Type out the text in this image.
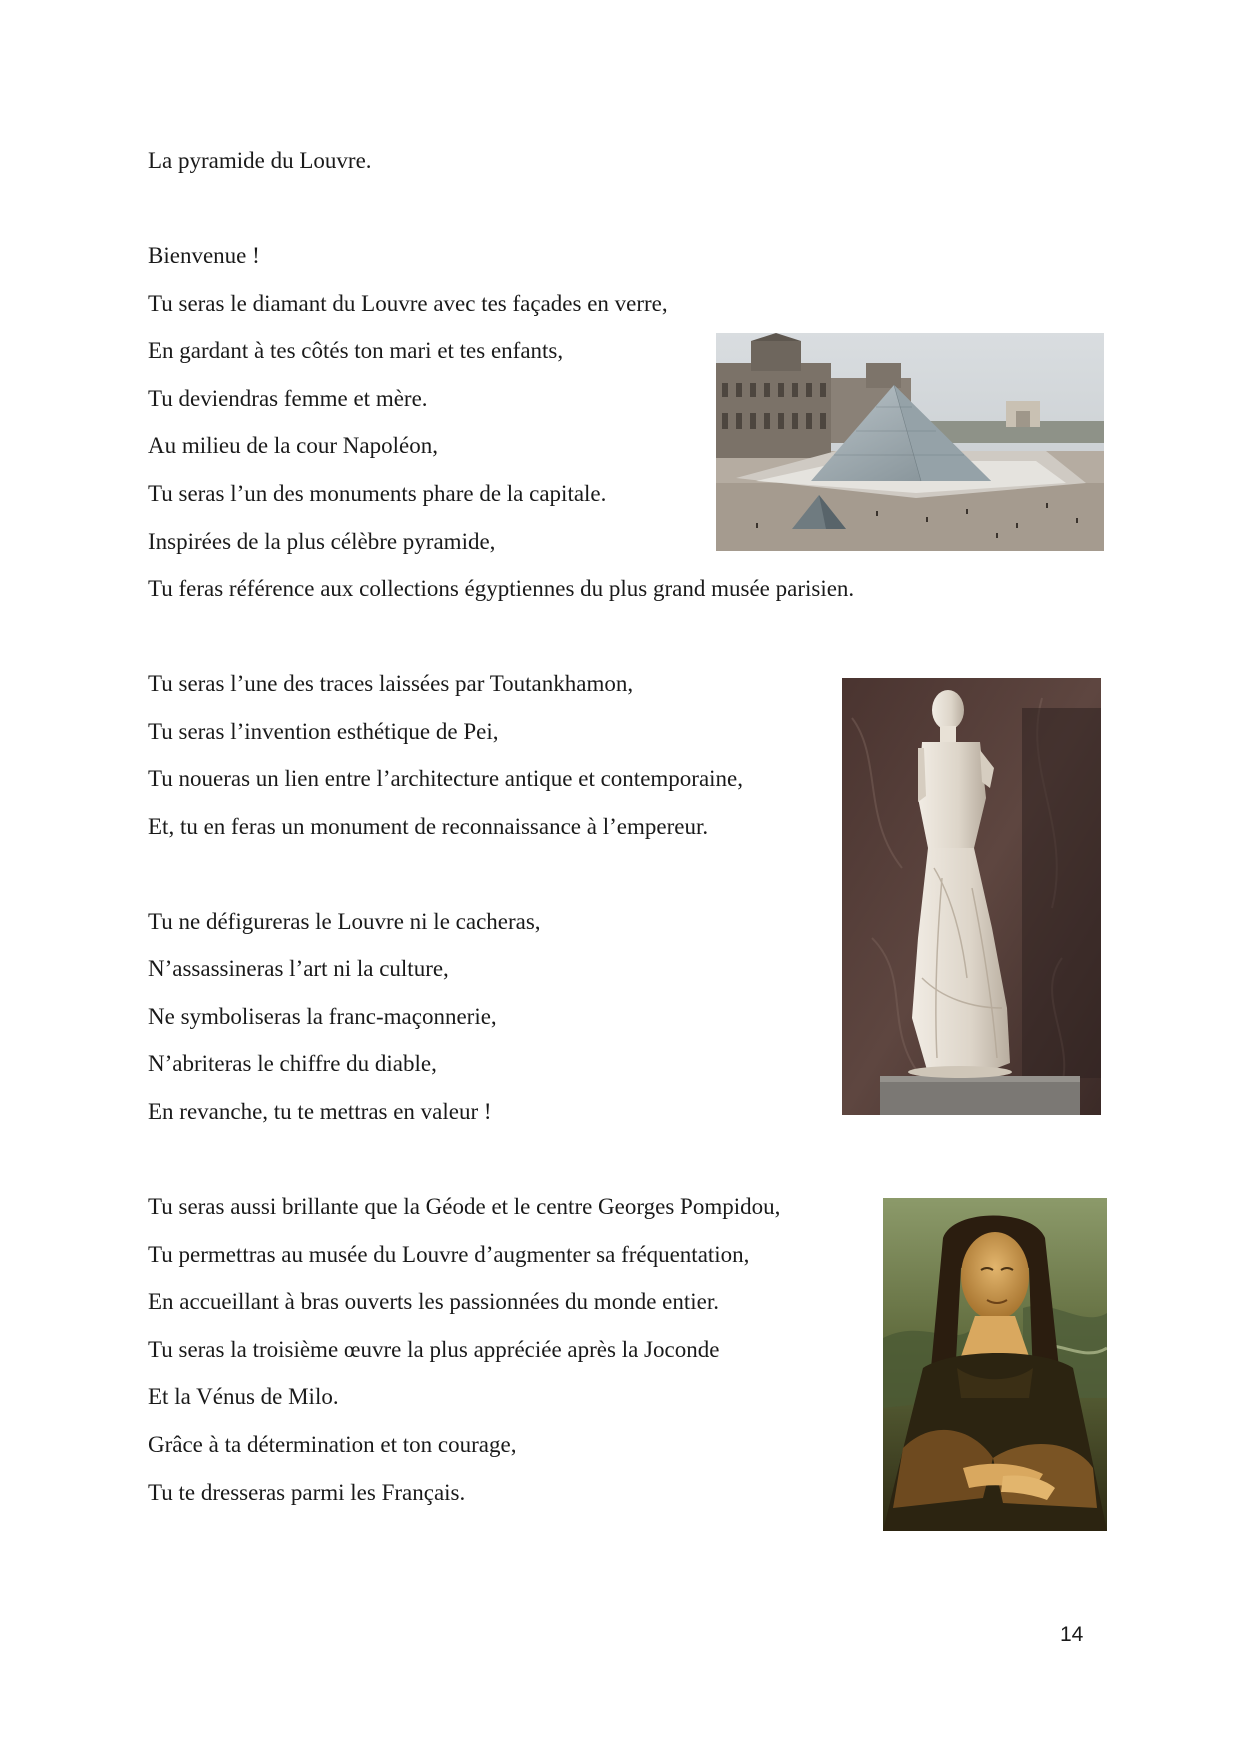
La pyramide du Louvre.
Bienvenue !
Tu seras le diamant du Louvre avec tes façades en verre,
En gardant à tes côtés ton mari et tes enfants,
Tu deviendras femme et mère.
Au milieu de la cour Napoléon,
Tu seras l’un des monuments phare de la capitale.
Inspirées de la plus célèbre pyramide,
Tu feras référence aux collections égyptiennes du plus grand musée parisien.
Tu seras l’une des traces laissées par Toutankhamon,
Tu seras l’invention esthétique de Pei,
Tu noueras un lien entre l’architecture antique et contemporaine,
Et, tu en feras un monument de reconnaissance à l’empereur.
Tu ne défigureras le Louvre ni le cacheras,
N’assassineras l’art ni la culture,
Ne symboliseras la franc-maçonnerie,
N’abriteras le chiffre du diable,
En revanche, tu te mettras en valeur !
Tu seras aussi brillante que la Géode et le centre Georges Pompidou,
Tu permettras au musée du Louvre d’augmenter sa fréquentation,
En accueillant à bras ouverts les passionnées du monde entier.
Tu seras la troisième œuvre la plus appréciée après la Joconde
Et la Vénus de Milo.
Grâce à ta détermination et ton courage,
Tu te dresseras parmi les Français.
14
